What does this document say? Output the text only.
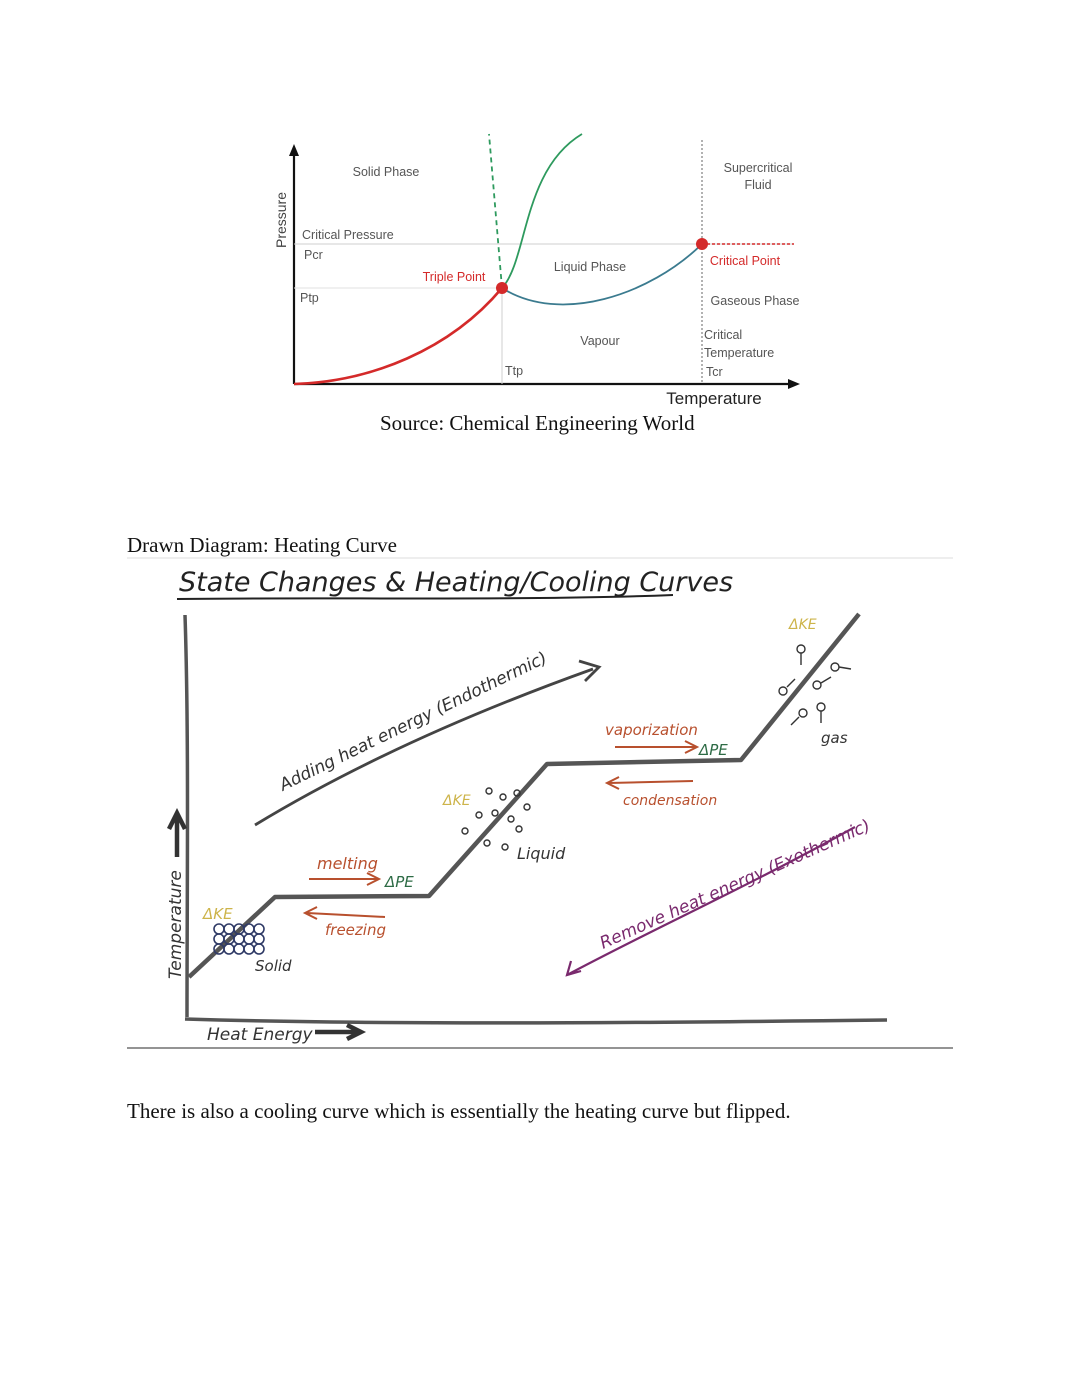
Pressure
Temperature
Solid Phase
Liquid Phase
Vapour
Gaseous Phase
Supercritical
Fluid
Critical Pressure
Pcr
Ptp
Triple Point
Critical Point
Ttp
Critical
Temperature
Tcr
Source: Chemical Engineering World
Drawn Diagram: Heating Curve
State Changes & Heating/Cooling Curves
Temperature
Heat Energy
Adding heat energy (Endothermic)
Remove heat energy (Exothermic)
ΔKE
Solid
melting
ΔPE
freezing
ΔKE
Liquid
vaporization
ΔPE
condensation
ΔKE
gas
There is also a cooling curve which is essentially the heating curve but flipped.
